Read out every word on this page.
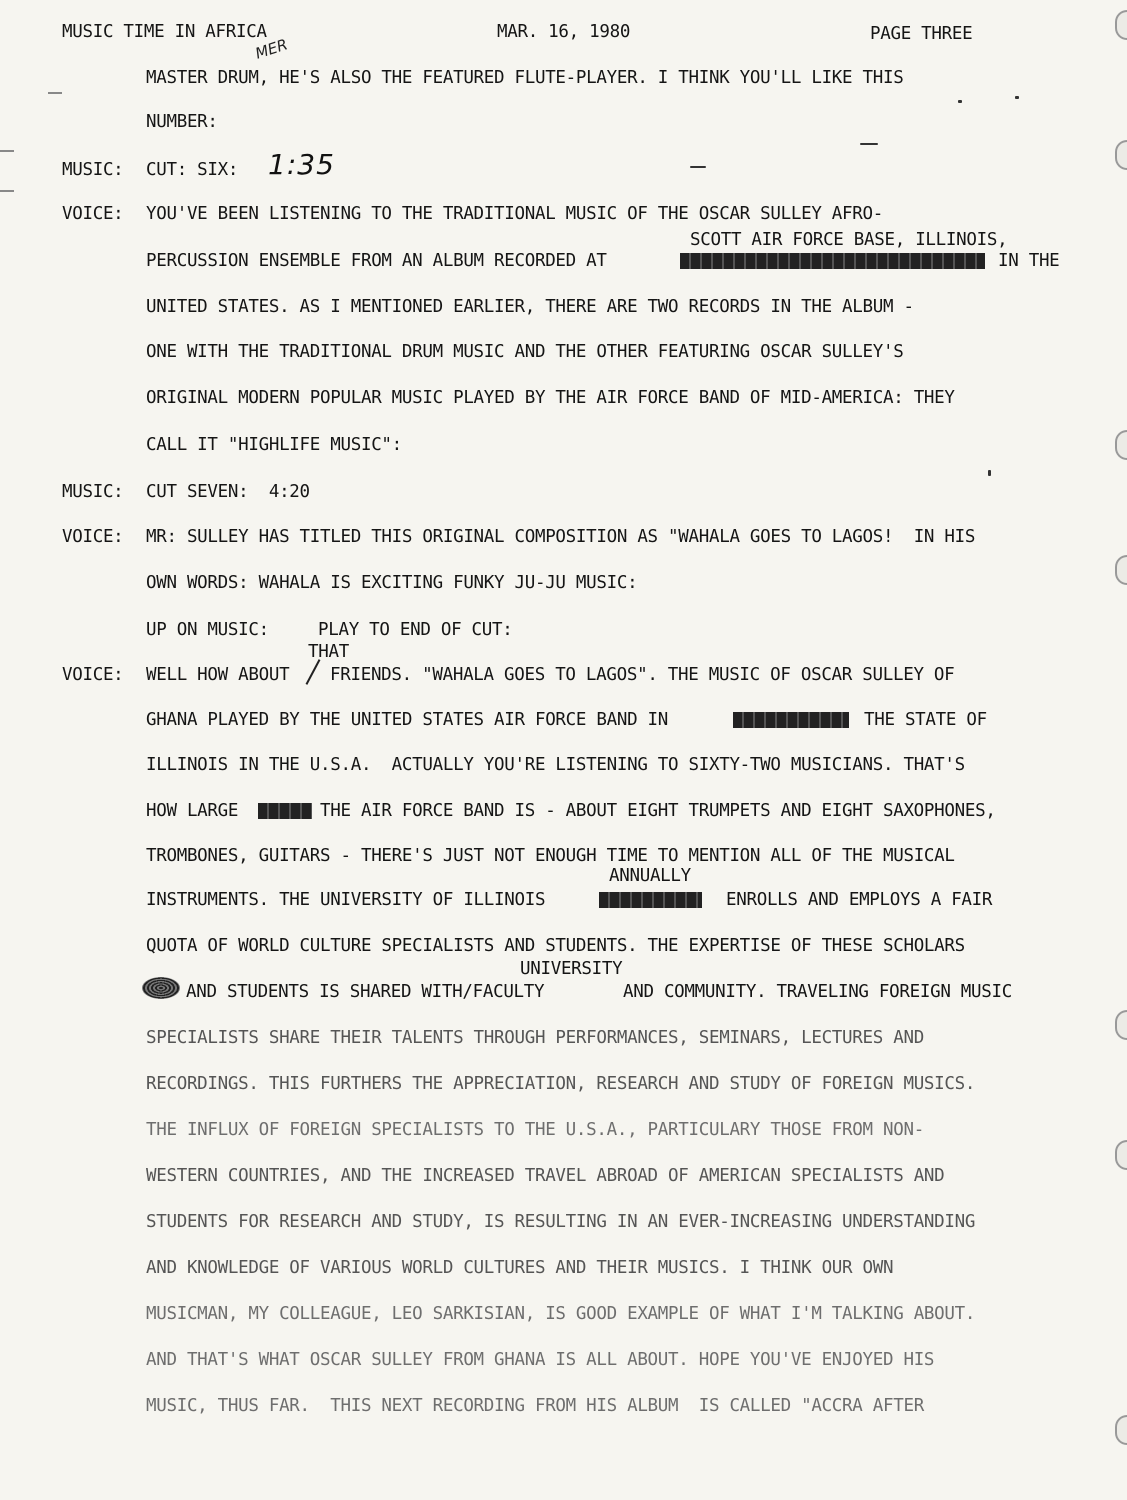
MUSIC TIME IN AFRICA	MAR. 16, 1980	PAGE THREE
MER
MASTER DRUM, HE'S ALSO THE FEATURED FLUTE-PLAYER. I THINK YOU'LL LIKE THIS
NUMBER:
MUSIC: CUT: SIX: 1:35
VOICE: YOU'VE BEEN LISTENING TO THE TRADITIONAL MUSIC OF THE OSCAR SULLEY AFRO-
SCOTT AIR FORCE BASE, ILLINOIS,
PERCUSSION ENSEMBLE FROM AN ALBUM RECORDED AT	IN THE
UNITED STATES. AS I MENTIONED EARLIER, THERE ARE TWO RECORDS IN THE ALBUM -
ONE WITH THE TRADITIONAL DRUM MUSIC AND THE OTHER FEATURING OSCAR SULLEY'S
ORIGINAL MODERN POPULAR MUSIC PLAYED BY THE AIR FORCE BAND OF MID-AMERICA: THEY
CALL IT "HIGHLIFE MUSIC":
MUSIC: CUT SEVEN:  4:20
VOICE: MR: SULLEY HAS TITLED THIS ORIGINAL COMPOSITION AS "WAHALA GOES TO LAGOS!  IN HIS
OWN WORDS: WAHALA IS EXCITING FUNKY JU-JU MUSIC:
UP ON MUSIC:	PLAY TO END OF CUT:
THAT
VOICE: WELL HOW ABOUT FRIENDS. "WAHALA GOES TO LAGOS". THE MUSIC OF OSCAR SULLEY OF
GHANA PLAYED BY THE UNITED STATES AIR FORCE BAND IN	THE STATE OF
ILLINOIS IN THE U.S.A.  ACTUALLY YOU'RE LISTENING TO SIXTY-TWO MUSICIANS. THAT'S
HOW LARGE	THE AIR FORCE BAND IS - ABOUT EIGHT TRUMPETS AND EIGHT SAXOPHONES,
TROMBONES, GUITARS - THERE'S JUST NOT ENOUGH TIME TO MENTION ALL OF THE MUSICAL
ANNUALLY
INSTRUMENTS. THE UNIVERSITY OF ILLINOIS	ENROLLS AND EMPLOYS A FAIR
QUOTA OF WORLD CULTURE SPECIALISTS AND STUDENTS. THE EXPERTISE OF THESE SCHOLARS
UNIVERSITY
AND STUDENTS IS SHARED WITH/FACULTY	AND COMMUNITY. TRAVELING FOREIGN MUSIC
SPECIALISTS SHARE THEIR TALENTS THROUGH PERFORMANCES, SEMINARS, LECTURES AND
RECORDINGS. THIS FURTHERS THE APPRECIATION, RESEARCH AND STUDY OF FOREIGN MUSICS.
THE INFLUX OF FOREIGN SPECIALISTS TO THE U.S.A., PARTICULARY THOSE FROM NON-
WESTERN COUNTRIES, AND THE INCREASED TRAVEL ABROAD OF AMERICAN SPECIALISTS AND
STUDENTS FOR RESEARCH AND STUDY, IS RESULTING IN AN EVER-INCREASING UNDERSTANDING
AND KNOWLEDGE OF VARIOUS WORLD CULTURES AND THEIR MUSICS. I THINK OUR OWN
MUSICMAN, MY COLLEAGUE, LEO SARKISIAN, IS GOOD EXAMPLE OF WHAT I'M TALKING ABOUT.
AND THAT'S WHAT OSCAR SULLEY FROM GHANA IS ALL ABOUT. HOPE YOU'VE ENJOYED HIS
MUSIC, THUS FAR.  THIS NEXT RECORDING FROM HIS ALBUM  IS CALLED "ACCRA AFTER
